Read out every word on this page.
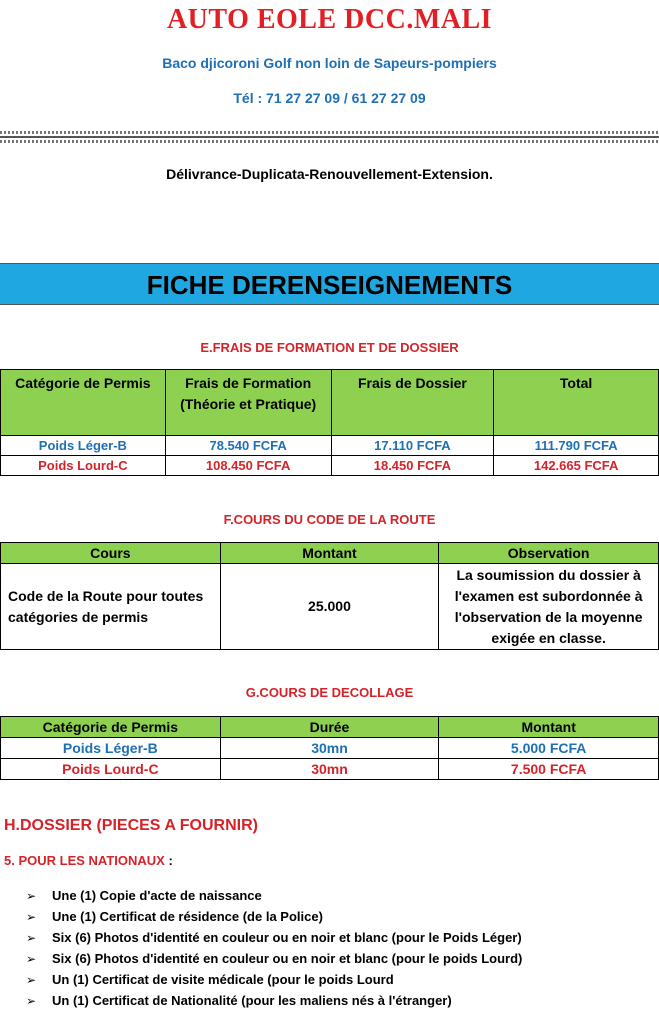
AUTO EOLE DCC.MALI
Baco djicoroni Golf non loin de Sapeurs-pompiers
Tél : 71 27 27 09 / 61 27 27 09
Délivrance-Duplicata-Renouvellement-Extension.
FICHE DERENSEIGNEMENTS
E.FRAIS DE FORMATION ET DE DOSSIER
Catégorie de Permis	Frais de Formation (Théorie et Pratique)	Frais de Dossier	Total
Poids Léger-B	78.540 FCFA	17.110 FCFA	111.790 FCFA
Poids Lourd-C	108.450 FCFA	18.450 FCFA	142.665 FCFA
F.COURS DU CODE DE LA ROUTE
Cours	Montant	Observation
Code de la Route pour toutes catégories de permis	25.000	La soumission du dossier à l'examen est subordonnée à l'observation de la moyenne exigée en classe.
G.COURS DE DECOLLAGE
Catégorie de Permis	Durée	Montant
Poids Léger-B	30mn	5.000 FCFA
Poids Lourd-C	30mn	7.500 FCFA
H.DOSSIER (PIECES A FOURNIR)
5. POUR LES NATIONAUX :
➢ Une (1) Copie d'acte de naissance
➢ Une (1) Certificat de résidence (de la Police)
➢ Six (6) Photos d'identité en couleur ou en noir et blanc (pour le Poids Léger)
➢ Six (6) Photos d'identité en couleur ou en noir et blanc (pour le poids Lourd)
➢ Un (1) Certificat de visite médicale (pour le poids Lourd
➢ Un (1) Certificat de Nationalité (pour les maliens nés à l'étranger)
